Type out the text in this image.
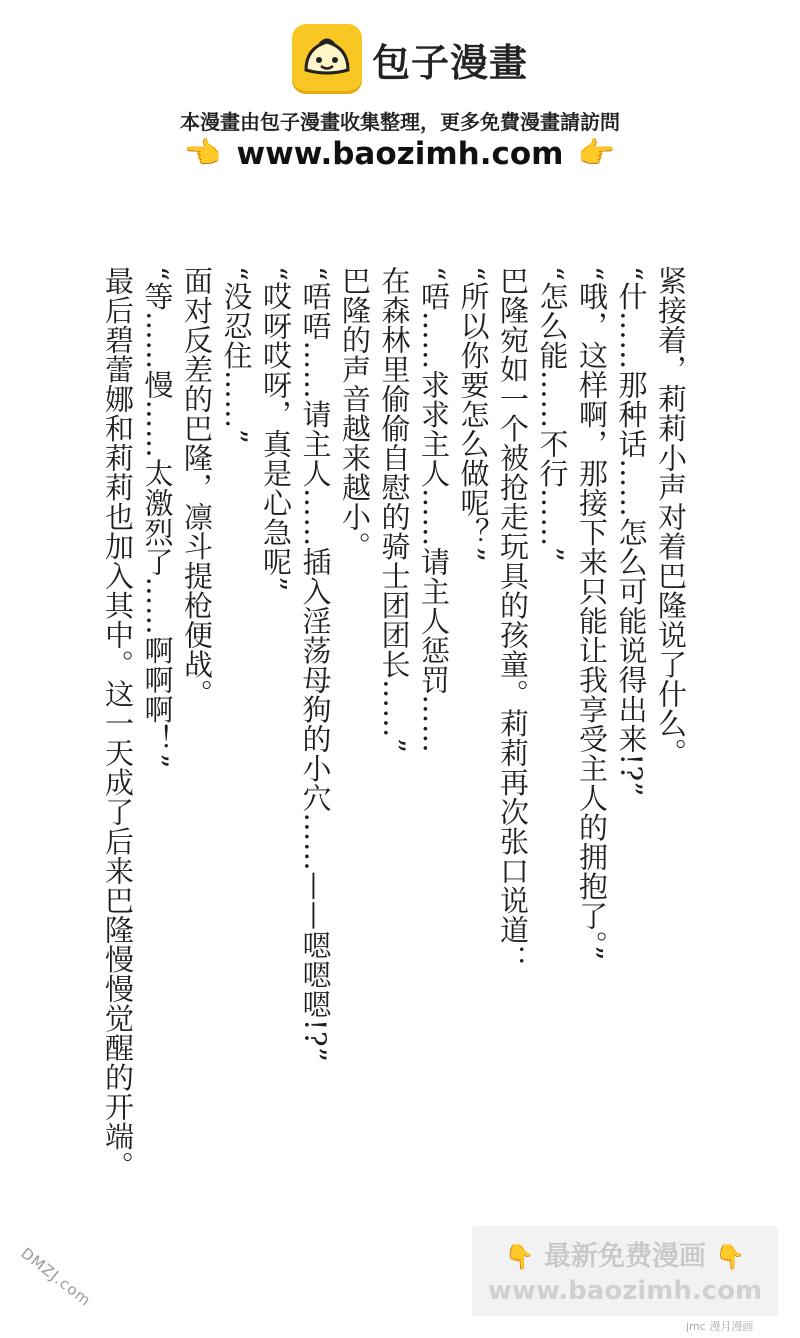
包子漫畫
本漫畫由包子漫畫收集整理，更多免費漫畫請訪問
👉 www.baozimh.com 👉
紧接着，莉莉小声对着巴隆说了什么。
“什……那种话……怎么可能说得出来!?”
“哦，这样啊，那接下来只能让我享受主人的拥抱了。”
“怎么能……不行……”
巴隆宛如一个被抢走玩具的孩童。莉莉再次张口说道：
“所以你要怎么做呢？”
“唔……求求主人……请主人惩罚……
在森林里偷偷自慰的骑士团团长……”
巴隆的声音越来越小。
“唔唔……请主人……插入淫荡母狗的小穴……——嗯嗯嗯!?”
“哎呀哎呀，真是心急呢”
“没忍住……”
面对反差的巴隆，凛斗提枪便战。
“等……慢……太激烈了……啊啊啊！”
最后碧蕾娜和莉莉也加入其中。这一天成了后来巴隆慢慢觉醒的开端。
👇 最新免费漫画 👇
www.baozimh.com
DMZJ.com
jmc 漫月漫画
